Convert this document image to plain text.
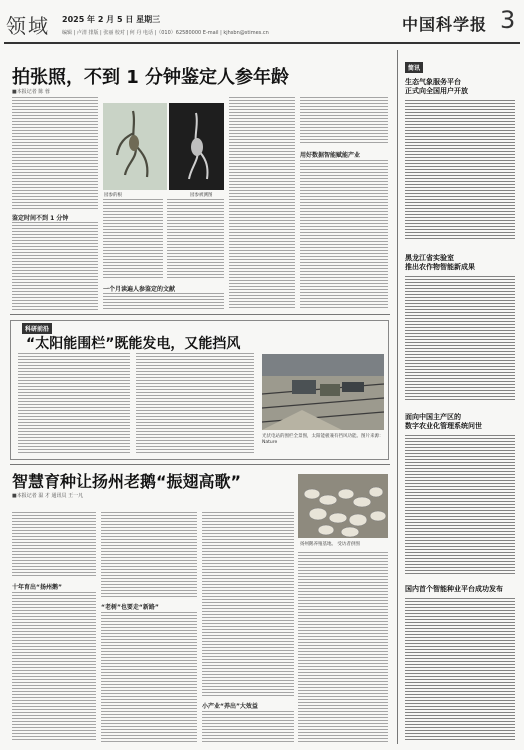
领域 2025 年 2 月 5 日 星期三
编辑 | 卢清 排版 | 张丽 校对 | 何 丹 电话 |（010）62580000 E-mail | kjhsbn@stimes.cn	中国科学报 3
拍张照，不到 1 分钟鉴定人参年龄
■本报记者 陈 蓉
鉴定时间不到 1 分钟
园参的根	园参被测图
一个月读遍人参鉴定的文献
用好数据智能赋能产业
科研前沿
“太阳能围栏”既能发电，又能挡风
光伏电站的围栏全景图，太阳能板兼有挡风功能。图片来源：Nature
智慧育种让扬州老鹅“振翅高歌”
■本报记者 温 才 通讯员 王一凡
扬州鹅养殖基地。 受访者供图
十年育出“扬州鹅”
“老树”也要走“新路”
小产业“养出”大效益
简讯
生态气象服务平台
正式向全国用户开放
黑龙江省实验室
推出农作物智能新成果
面向中国主产区的
数字农业化管理系统问世
国内首个智能种业平台成功发布
